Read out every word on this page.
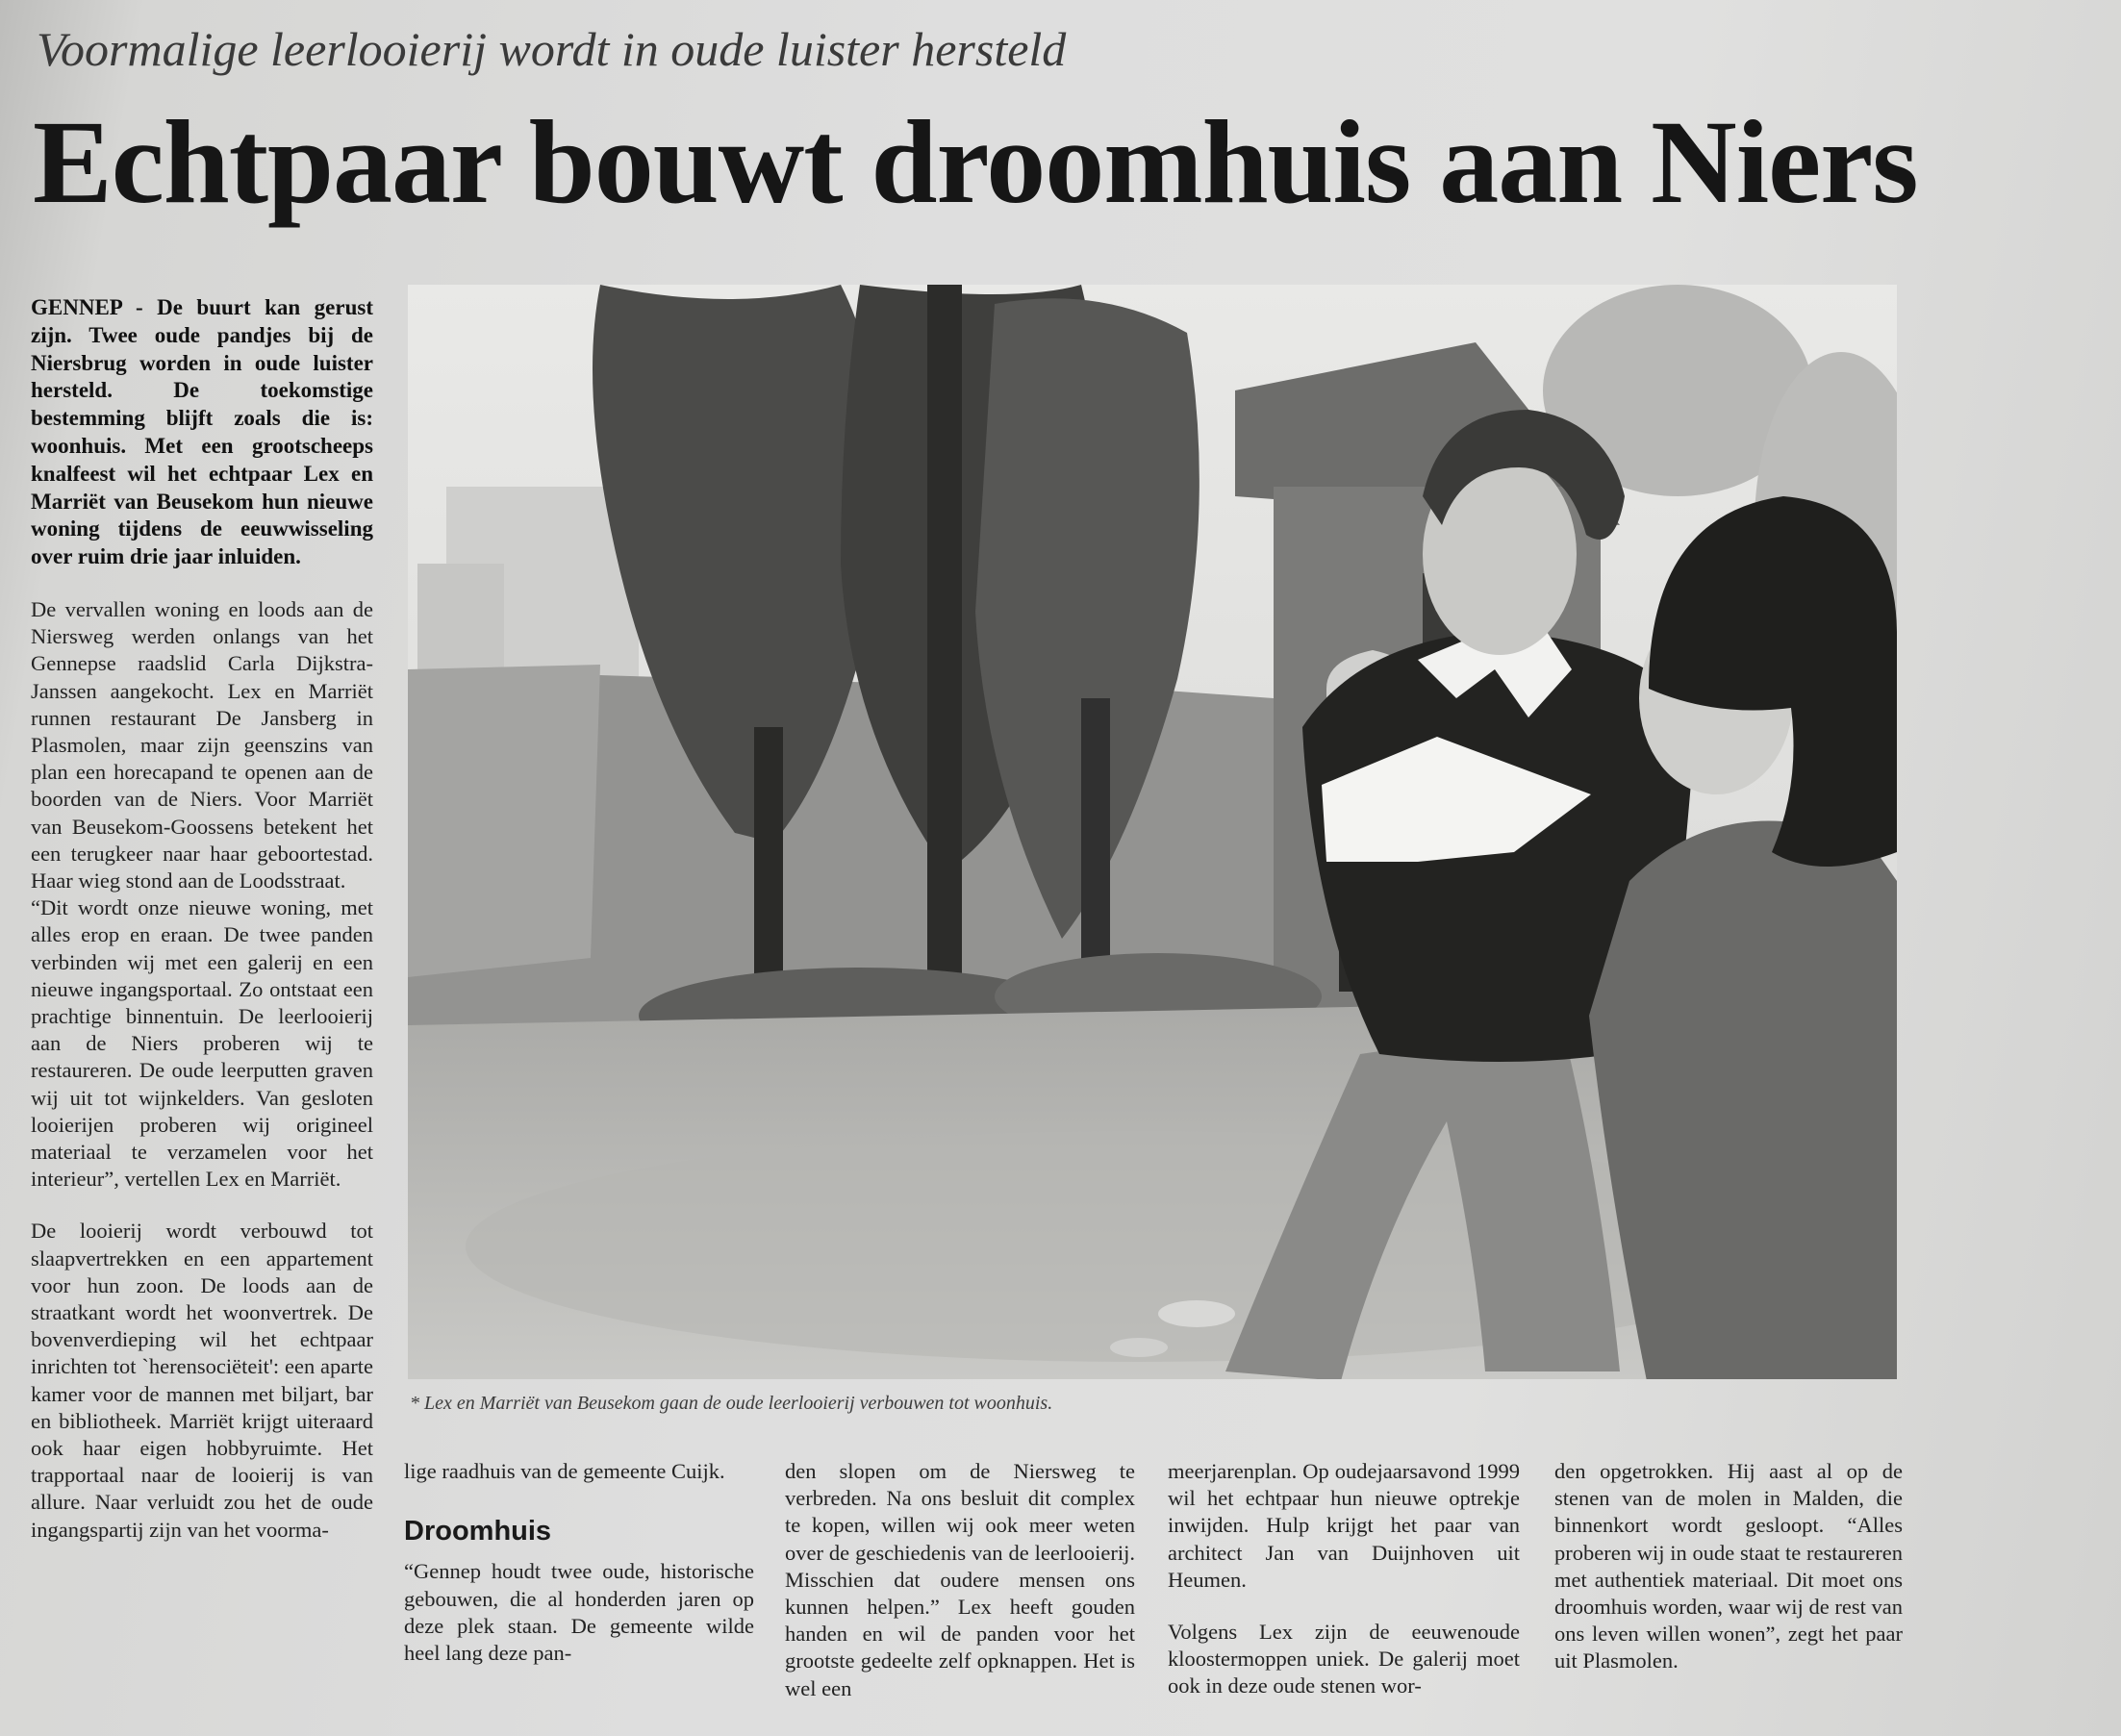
Voormalige leerlooierij wordt in oude luister hersteld
Echtpaar bouwt droomhuis aan Niers

GENNEP - De buurt kan gerust zijn. Twee oude pandjes bij de Niersbrug worden in oude luister hersteld. De toekomstige bestemming blijft zoals die is: woonhuis. Met een grootscheeps knalfeest wil het echtpaar Lex en Marriët van Beusekom hun nieuwe woning tijdens de eeuwwisseling over ruim drie jaar inluiden.

De vervallen woning en loods aan de Niersweg werden onlangs van het Gennepse raadslid Carla Dijkstra-Janssen aangekocht. Lex en Marriët runnen restaurant De Jansberg in Plasmolen, maar zijn geenszins van plan een horecapand te openen aan de boorden van de Niers. Voor Marriët van Beusekom-Goossens betekent het een terugkeer naar haar geboortestad. Haar wieg stond aan de Loodsstraat.

“Dit wordt onze nieuwe woning, met alles erop en eraan. De twee panden verbinden wij met een galerij en een nieuwe ingangsportaal. Zo ontstaat een prachtige binnentuin. De leerlooierij aan de Niers proberen wij te restaureren. De oude leerputten graven wij uit tot wijnkelders. Van gesloten looierijen proberen wij origineel materiaal te verzamelen voor het interieur”, vertellen Lex en Marriët.

De looierij wordt verbouwd tot slaapvertrekken en een appartement voor hun zoon. De loods aan de straatkant wordt het woonvertrek. De bovenverdieping wil het echtpaar inrichten tot `herensociëteit': een aparte kamer voor de mannen met biljart, bar en bibliotheek. Marriët krijgt uiteraard ook haar eigen hobbyruimte. Het trapportaal naar de looierij is van allure. Naar verluidt zou het de oude ingangspartij zijn van het voorma-

* Lex en Marriët van Beusekom gaan de oude leerlooierij verbouwen tot woonhuis.

lige raadhuis van de gemeente Cuijk.

Droomhuis

“Gennep houdt twee oude, historische gebouwen, die al honderden jaren op deze plek staan. De gemeente wilde heel lang deze pan-

den slopen om de Niersweg te verbreden. Na ons besluit dit complex te kopen, willen wij ook meer weten over de geschiedenis van de leerlooierij. Misschien dat oudere mensen ons kunnen helpen.” Lex heeft gouden handen en wil de panden voor het grootste gedeelte zelf opknappen. Het is wel een

meerjarenplan. Op oudejaarsavond 1999 wil het echtpaar hun nieuwe optrekje inwijden. Hulp krijgt het paar van architect Jan van Duijnhoven uit Heumen.

Volgens Lex zijn de eeuwenoude kloostermoppen uniek. De galerij moet ook in deze oude stenen wor-

den opgetrokken. Hij aast al op de stenen van de molen in Malden, die binnenkort wordt gesloopt. “Alles proberen wij in oude staat te restaureren met authentiek materiaal. Dit moet ons droomhuis worden, waar wij de rest van ons leven willen wonen”, zegt het paar uit Plasmolen.
